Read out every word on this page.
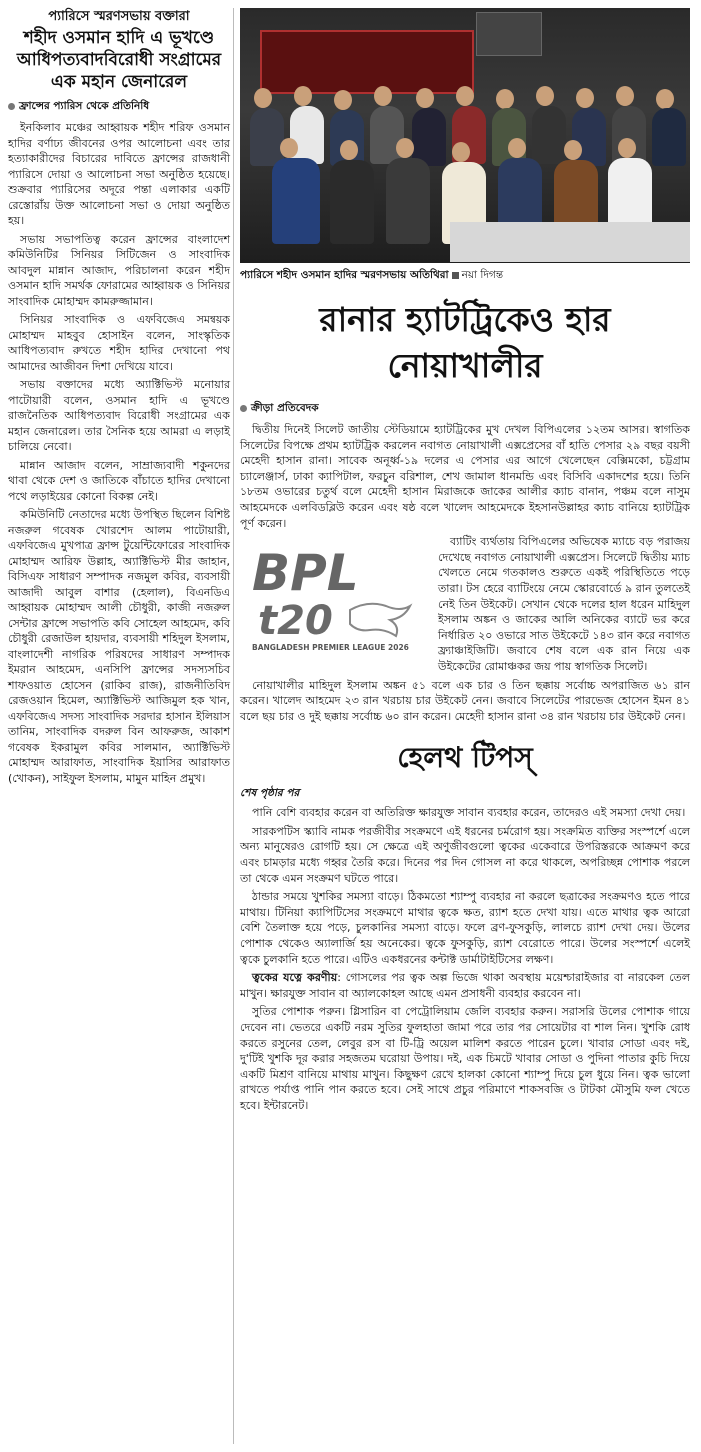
প্যারিসে স্মরণসভায় বক্তারা
শহীদ ওসমান হাদি এ ভূখণ্ডে আধিপত্যবাদবিরোধী সংগ্রামের এক মহান জেনারেল
ফ্রান্সের প্যারিস থেকে প্রতিনিধি

ইনকিলাব মঞ্চের আহ্বায়ক শহীদ শরিফ ওসমান হাদির বর্ণাঢ্য জীবনের ওপর আলোচনা এবং তার হত্যাকারীদের বিচারের দাবিতে ফ্রান্সের রাজধানী প্যারিসে দোয়া ও আলোচনা সভা অনুষ্ঠিত হয়েছে। শুক্রবার প্যারিসের অদূরে পন্তা এলাকার একটি রেস্তোরাঁয় উক্ত আলোচনা সভা ও দোয়া অনুষ্ঠিত হয়।

সভায় সভাপতিত্ব করেন ফ্রান্সের বাংলাদেশ কমিউনিটির সিনিয়র সিটিজেন ও সাংবাদিক আবদুল মান্নান আজাদ, পরিচালনা করেন শহীদ ওসমান হাদি সমর্থক ফোরামের আহ্বায়ক ও সিনিয়র সাংবাদিক মোহাম্মদ কামরুজ্জামান।

সিনিয়র সাংবাদিক ও এফবিজেএ সমন্বয়ক মোহাম্মদ মাহবুব হোসাইন বলেন, সাংস্কৃতিক আধিপত্যবাদ রুখতে শহীদ হাদির দেখানো পথ আমাদের আজীবন দিশা দেখিয়ে যাবে।

সভায় বক্তাদের মধ্যে অ্যাক্টিভিস্ট মনোয়ার পাটোয়ারী বলেন, ওসমান হাদি এ ভূখণ্ডে রাজনৈতিক আধিপত্যবাদ বিরোধী সংগ্রামের এক মহান জেনারেল। তার সৈনিক হয়ে আমরা এ লড়াই চালিয়ে নেবো।

মান্নান আজাদ বলেন, সাম্রাজ্যবাদী শকুনদের থাবা থেকে দেশ ও জাতিকে বাঁচাতে হাদির দেখানো পথে লড়াইয়ের কোনো বিকল্প নেই।

কমিউনিটি নেতাদের মধ্যে উপস্থিত ছিলেন বিশিষ্ট নজরুল গবেষক খোরশেদ আলম পাটোয়ারী, এফবিজেএ মুখপাত্র ফ্রান্স টুয়েন্টিফোরের সাংবাদিক মোহাম্মদ আরিফ উল্লাহ, অ্যাক্টিভিস্ট মীর জাহান, বিসিএফ সাধারণ সম্পাদক নজমুল কবির, ব্যবসায়ী আজাদী আবুল বাশার (হেলাল), বিএনডিএ আহ্বায়ক মোহাম্মদ আলী চৌধুরী, কাজী নজরুল সেন্টার ফ্রান্সে সভাপতি কবি সোহেল আহমেদ, কবি চৌধুরী রেজাউল হায়দার, ব্যবসায়ী শহিদুল ইসলাম, বাংলাদেশী নাগরিক পরিষদের সাধারণ সম্পাদক ইমরান আহমেদ, এনসিপি ফ্রান্সের সদস্যসচিব শাফওয়াত হোসেন (রাকিব রাজ), রাজনীতিবিদ রেজওয়ান হিমেল, অ্যাক্টিভিস্ট আজিমুল হক খান, এফবিজেএ সদস্য সাংবাদিক সরদার হাসান ইলিয়াস তানিম, সাংবাদিক বদরুল বিন আফরুজ, আকাশ গবেষক ইকরামুল কবির সালমান, অ্যাক্টিভিস্ট মোহাম্মদ আরাফাত, সাংবাদিক ইয়াসির আরাফাত (খোকন), সাইফুল ইসলাম, মামুন মাহিন প্রমুখ।

প্যারিসে শহীদ ওসমান হাদির স্মরণসভায় অতিথিরা নয়া দিগন্ত
রানার হ্যাটট্রিকেও হার নোয়াখালীর
ক্রীড়া প্রতিবেদক

দ্বিতীয় দিনেই সিলেট জাতীয় স্টেডিয়ামে হ্যাটট্রিকের মুখ দেখল বিপিএলের ১২তম আসর। স্বাগতিক সিলেটের বিপক্ষে প্রথম হ্যাটট্রিক করলেন নবাগত নোয়াখালী এক্সপ্রেসের বাঁ হাতি পেসার ২৯ বছর বয়সী মেহেদী হাসান রানা। সাবেক অনূর্ধ্ব-১৯ দলের এ পেসার এর আগে খেলেছেন বেক্সিমকো, চট্টগ্রাম চ্যালেঞ্জার্স, ঢাকা ক্যাপিটাল, ফরচুন বরিশাল, শেখ জামাল ধানমন্ডি এবং বিসিবি একাদশের হয়ে। তিনি ১৮তম ওভারের চতুর্থ বলে মেহেদী হাসান মিরাজকে জাকের আলীর ক্যাচ বানান, পঞ্চম বলে নাসুম আহমেদকে এলবিডব্লিউ করেন এবং ষষ্ঠ বলে খালেদ আহমেদকে ইহসানউল্লাহর ক্যাচ বানিয়ে হ্যাটট্রিক পূর্ণ করেন।

BPL
t20
BANGLADESH PREMIER LEAGUE 2026

ব্যাটিং ব্যর্থতায় বিপিএলের অভিষেক ম্যাচে বড় পরাজয় দেখেছে নবাগত নোয়াখালী এক্সপ্রেস। সিলেটে দ্বিতীয় ম্যাচ খেলতে নেমে গতকালও শুরুতে একই পরিস্থিতিতে পড়ে তারা। টস হেরে ব্যাটিংয়ে নেমে স্কোরবোর্ডে ৯ রান তুলতেই নেই তিন উইকেট। সেখান থেকে দলের হাল ধরেন মাহিদুল ইসলাম অঙ্কন ও জাকের আলি অনিকের ব্যাটে ভর করে নির্ধারিত ২০ ওভারে সাত উইকেটে ১৪৩ রান করে নবাগত ফ্র্যাঞ্চাইজিটি। জবাবে শেষ বলে এক রান নিয়ে এক উইকেটের রোমাঞ্চকর জয় পায় স্বাগতিক সিলেট।

নোয়াখালীর মাহিদুল ইসলাম অঙ্কন ৫১ বলে এক চার ও তিন ছক্কায় সর্বোচ্চ অপরাজিত ৬১ রান করেন। খালেদ আহমেদ ২৩ রান খরচায় চার উইকেট নেন। জবাবে সিলেটের পারভেজ হোসেন ইমন ৪১ বলে ছয় চার ও দুই ছক্কায় সর্বোচ্চ ৬০ রান করেন। মেহেদী হাসান রানা ৩৪ রান খরচায় চার উইকেট নেন।

হেলথ টিপস্
শেষ পৃষ্ঠার পর

পানি বেশি ব্যবহার করেন বা অতিরিক্ত ক্ষারযুক্ত সাবান ব্যবহার করেন, তাদেরও এই সমস্যা দেখা দেয়।

সারকপটিস স্ক্যাবি নামক পরজীবীর সংক্রমণে এই ধরনের চর্মরোগ হয়। সংক্রমিত ব্যক্তির সংস্পর্শে এলে অন্য মানুষেরও রোগটি হয়। সে ক্ষেত্রে এই অণুজীবগুলো ত্বকের একেবারে উপরিস্তরকে আক্রমণ করে এবং চামড়ার মধ্যে গহ্বর তৈরি করে। দিনের পর দিন গোসল না করে থাকলে, অপরিচ্ছন্ন পোশাক পরলে তা থেকে এমন সংক্রমণ ঘটতে পারে।

ঠান্ডার সময়ে খুশকির সমস্যা বাড়ে। ঠিকমতো শ্যাম্পু ব্যবহার না করলে ছত্রাকের সংক্রমণও হতে পারে মাথায়। টিনিয়া ক্যাপিটিসের সংক্রমণে মাথার ত্বকে ক্ষত, র‍্যাশ হতে দেখা যায়। এতে মাথার ত্বক আরো বেশি তৈলাক্ত হয়ে পড়ে, চুলকানির সমস্যা বাড়ে। ফলে ব্রণ-ফুসকুড়ি, লালচে র‍্যাশ দেখা দেয়। উলের পোশাক থেকেও অ্যালার্জি হয় অনেকের। ত্বকে ফুসকুড়ি, র‍্যাশ বেরোতে পারে। উলের সংস্পর্শে এলেই ত্বকে চুলকানি হতে পারে। এটিও একধরনের কন্টাক্ট ডার্মাটাইটিসের লক্ষণ।

ত্বকের যত্নে করণীয়: গোসলের পর ত্বক অল্প ভিজে থাকা অবস্থায় ময়েশ্চারাইজার বা নারকেল তেল মাখুন। ক্ষারযুক্ত সাবান বা অ্যালকোহল আছে এমন প্রসাধনী ব্যবহার করবেন না।

সুতির পোশাক পরুন। গ্লিসারিন বা পেট্রোলিয়াম জেলি ব্যবহার করুন। সরাসরি উলের পোশাক গায়ে দেবেন না। ভেতরে একটি নরম সুতির ফুলহাতা জামা পরে তার পর সোয়েটার বা শাল নিন। খুশকি রোধ করতে রসুনের তেল, লেবুর রস বা টি-ট্রি অয়েল মালিশ করতে পারেন চুলে। খাবার সোডা এবং দই, দু'টিই খুশকি দূর করার সহজতম ঘরোয়া উপায়। দই, এক চিমটে খাবার সোডা ও পুদিনা পাতার কুচি দিয়ে একটি মিশ্রণ বানিয়ে মাথায় মাখুন। কিছুক্ষণ রেখে হালকা কোনো শ্যাম্পু দিয়ে চুল ধুয়ে নিন। ত্বক ভালো রাখতে পর্যাপ্ত পানি পান করতে হবে। সেই সাথে প্রচুর পরিমাণে শাকসবজি ও টাটকা মৌসুমি ফল খেতে হবে। ইন্টারনেট।
